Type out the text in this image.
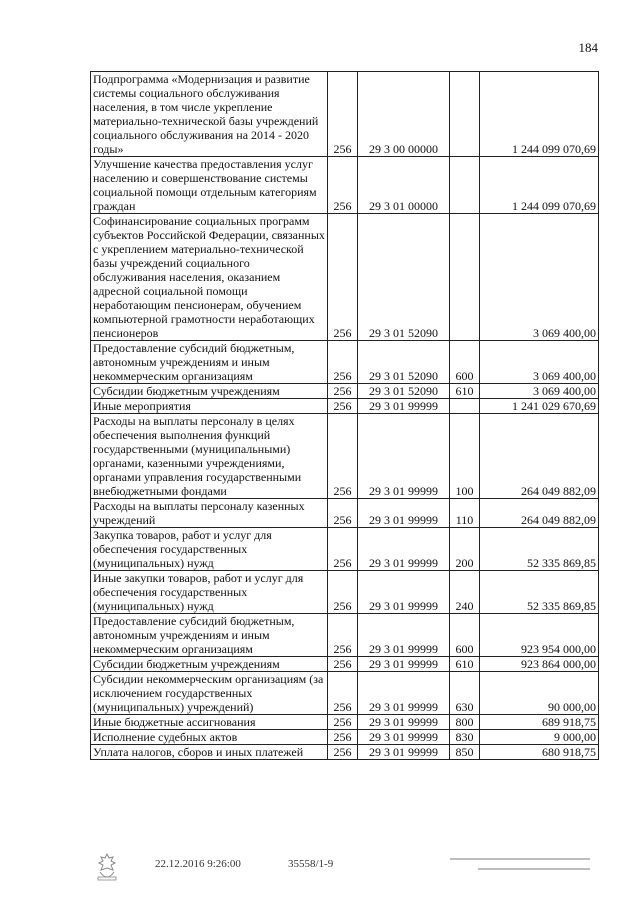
184
Подпрограмма «Модернизация и развитие системы социального обслуживания населения, в том числе укрепление материально-технической базы учреждений социального обслуживания на 2014 - 2020 годы»	256	29 3 00 00000		1 244 099 070,69
Улучшение качества предоставления услуг населению и совершенствование системы социальной помощи отдельным категориям граждан	256	29 3 01 00000		1 244 099 070,69
Софинансирование социальных программ субъектов Российской Федерации, связанных с укреплением материально-технической базы учреждений социального обслуживания населения, оказанием адресной социальной помощи неработающим пенсионерам, обучением компьютерной грамотности неработающих пенсионеров	256	29 3 01 52090		3 069 400,00
Предоставление субсидий бюджетным, автономным учреждениям и иным некоммерческим организациям	256	29 3 01 52090	600	3 069 400,00
Субсидии бюджетным учреждениям	256	29 3 01 52090	610	3 069 400,00
Иные мероприятия	256	29 3 01 99999		1 241 029 670,69
Расходы на выплаты персоналу в целях обеспечения выполнения функций государственными (муниципальными) органами, казенными учреждениями, органами управления государственными внебюджетными фондами	256	29 3 01 99999	100	264 049 882,09
Расходы на выплаты персоналу казенных учреждений	256	29 3 01 99999	110	264 049 882,09
Закупка товаров, работ и услуг для обеспечения государственных (муниципальных) нужд	256	29 3 01 99999	200	52 335 869,85
Иные закупки товаров, работ и услуг для обеспечения государственных (муниципальных) нужд	256	29 3 01 99999	240	52 335 869,85
Предоставление субсидий бюджетным, автономным учреждениям и иным некоммерческим организациям	256	29 3 01 99999	600	923 954 000,00
Субсидии бюджетным учреждениям	256	29 3 01 99999	610	923 864 000,00
Субсидии некоммерческим организациям (за исключением государственных (муниципальных) учреждений)	256	29 3 01 99999	630	90 000,00
Иные бюджетные ассигнования	256	29 3 01 99999	800	689 918,75
Исполнение судебных актов	256	29 3 01 99999	830	9 000,00
Уплата налогов, сборов и иных платежей	256	29 3 01 99999	850	680 918,75
22.12.2016 9:26:00	35558/1-9
